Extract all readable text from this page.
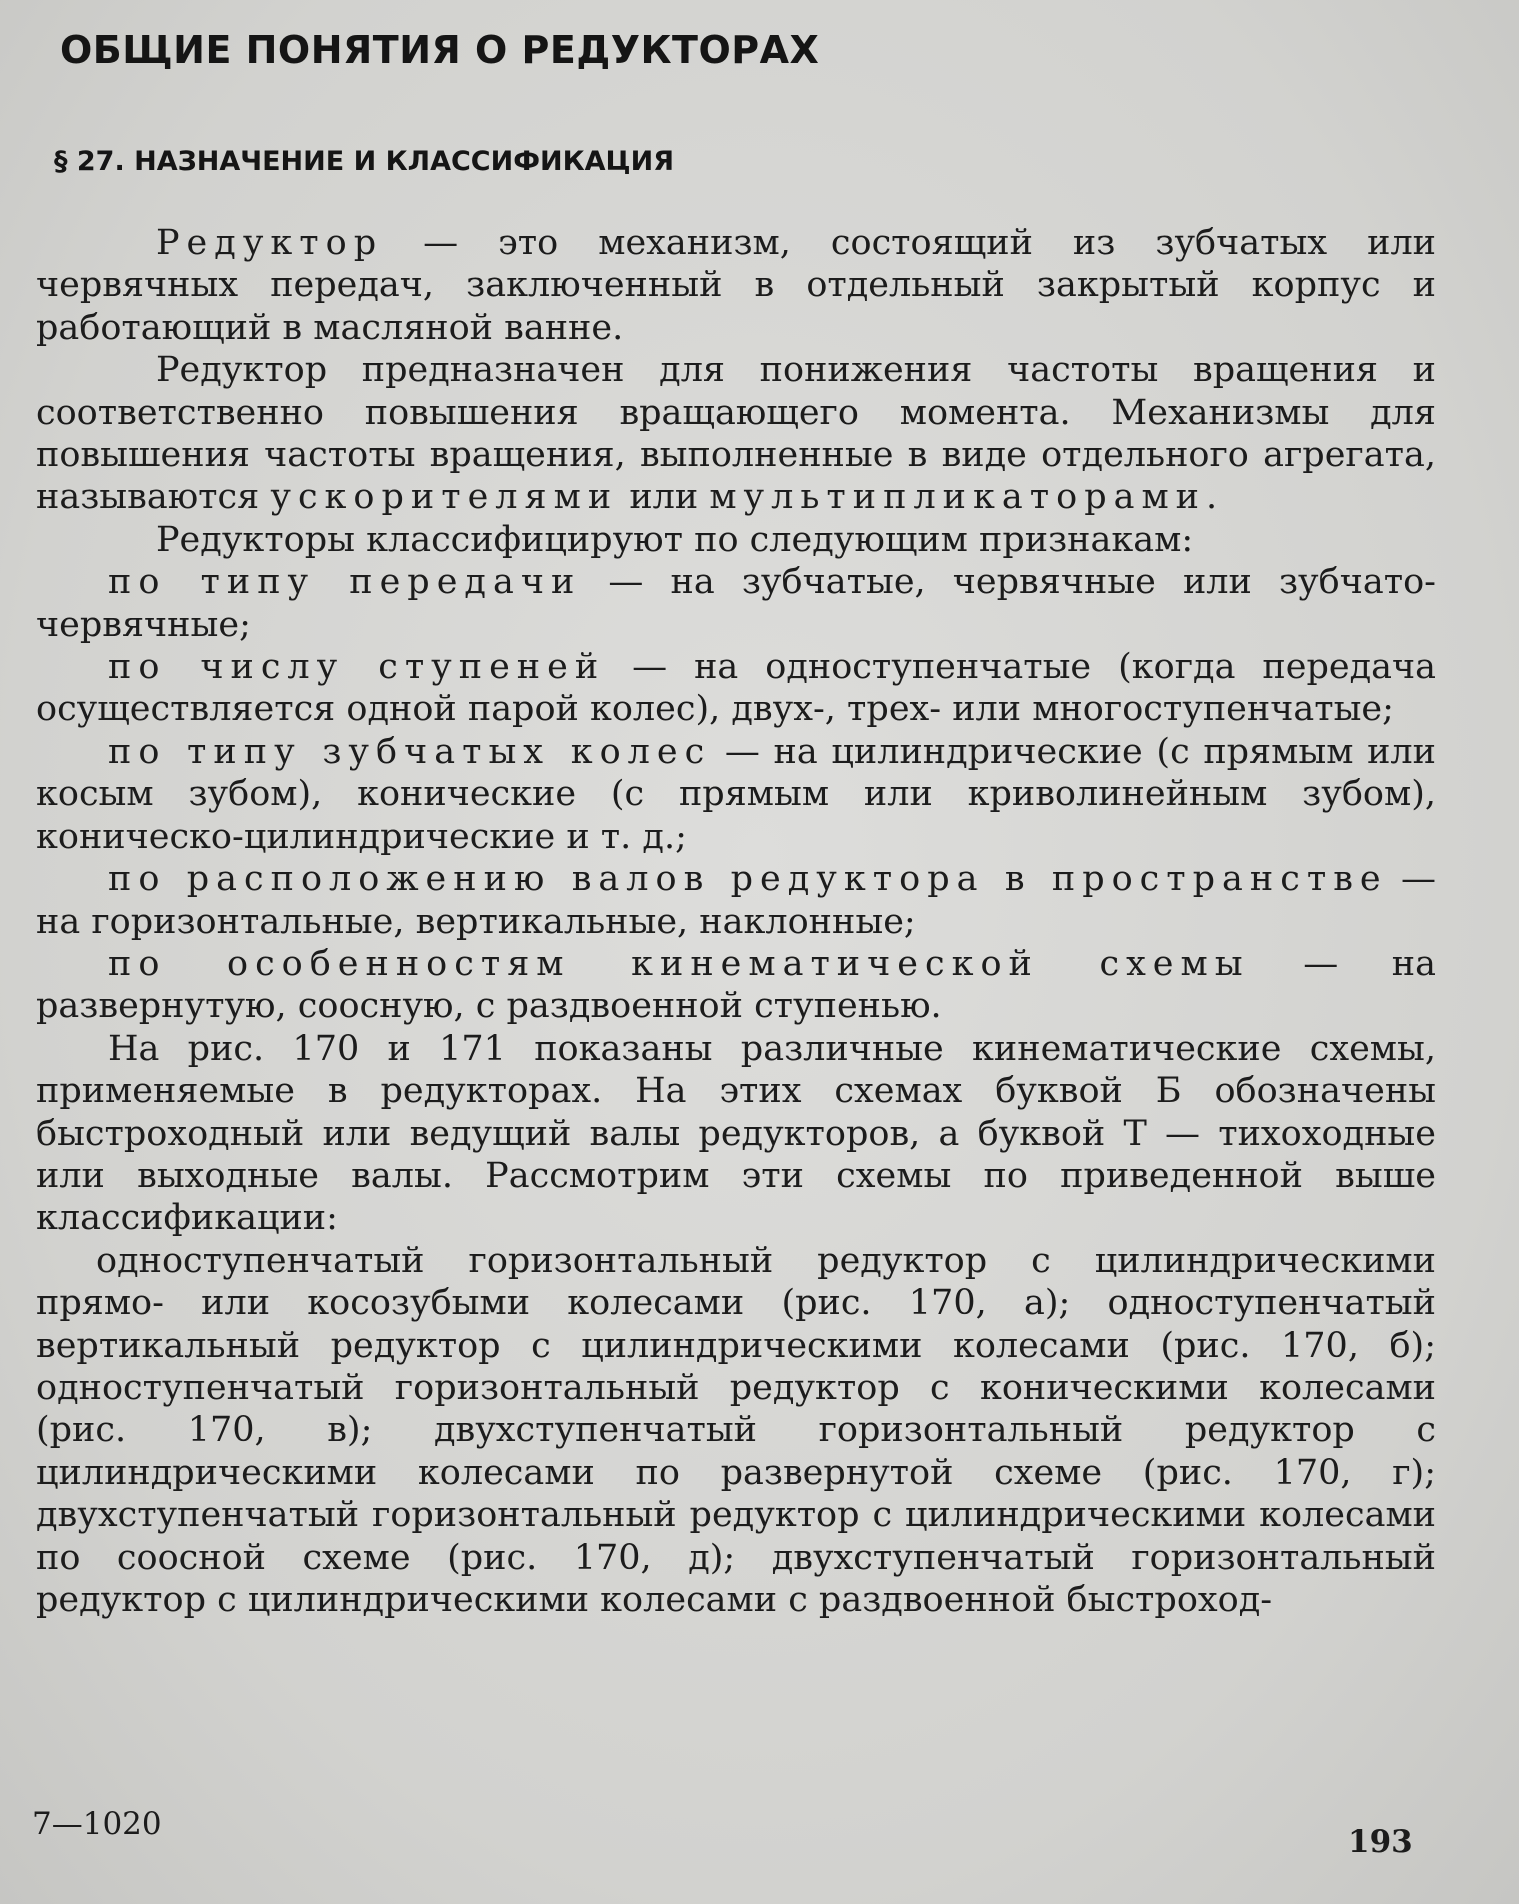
ОБЩИЕ ПОНЯТИЯ О РЕДУКТОРАХ
§ 27. НАЗНАЧЕНИЕ И КЛАССИФИКАЦИЯ

Редуктор — это механизм, состоящий из зубчатых или червячных передач, заключенный в отдельный закрытый корпус и работающий в масляной ванне.

Редуктор предназначен для понижения частоты вращения и соответственно повышения вращающего момента. Механизмы для повышения частоты вращения, выполненные в виде отдельного агрегата, называются ускорителями или мультипликаторами.

Редукторы классифицируют по следующим признакам:

по типу передачи — на зубчатые, червячные или зубчато-червячные;

по числу ступеней — на одноступенчатые (когда передача осуществляется одной парой колес), двух-, трех- или многоступенчатые;

по типу зубчатых колес — на цилиндрические (с прямым или косым зубом), конические (с прямым или криволинейным зубом), коническо-цилиндрические и т. д.;

по расположению валов редуктора в пространстве — на горизонтальные, вертикальные, наклонные;

по особенностям кинематической схемы — на развернутую, соосную, с раздвоенной ступенью.

На рис. 170 и 171 показаны различные кинематические схемы, применяемые в редукторах. На этих схемах буквой Б обозначены быстроходный или ведущий валы редукторов, а буквой Т — тихоходные или выходные валы. Рассмотрим эти схемы по приведенной выше классификации:

одноступенчатый горизонтальный редуктор с цилиндрическими прямо- или косозубыми колесами (рис. 170, а); одноступенчатый вертикальный редуктор с цилиндрическими колесами (рис. 170, б); одноступенчатый горизонтальный редуктор с коническими колесами (рис. 170, в); двухступенчатый горизонтальный редуктор с цилиндрическими колесами по развернутой схеме (рис. 170, г); двухступенчатый горизонтальный редуктор с цилиндрическими колесами по соосной схеме (рис. 170, д); двухступенчатый горизонтальный редуктор с цилиндрическими колесами с раздвоенной быстроход-

7—1020	193
